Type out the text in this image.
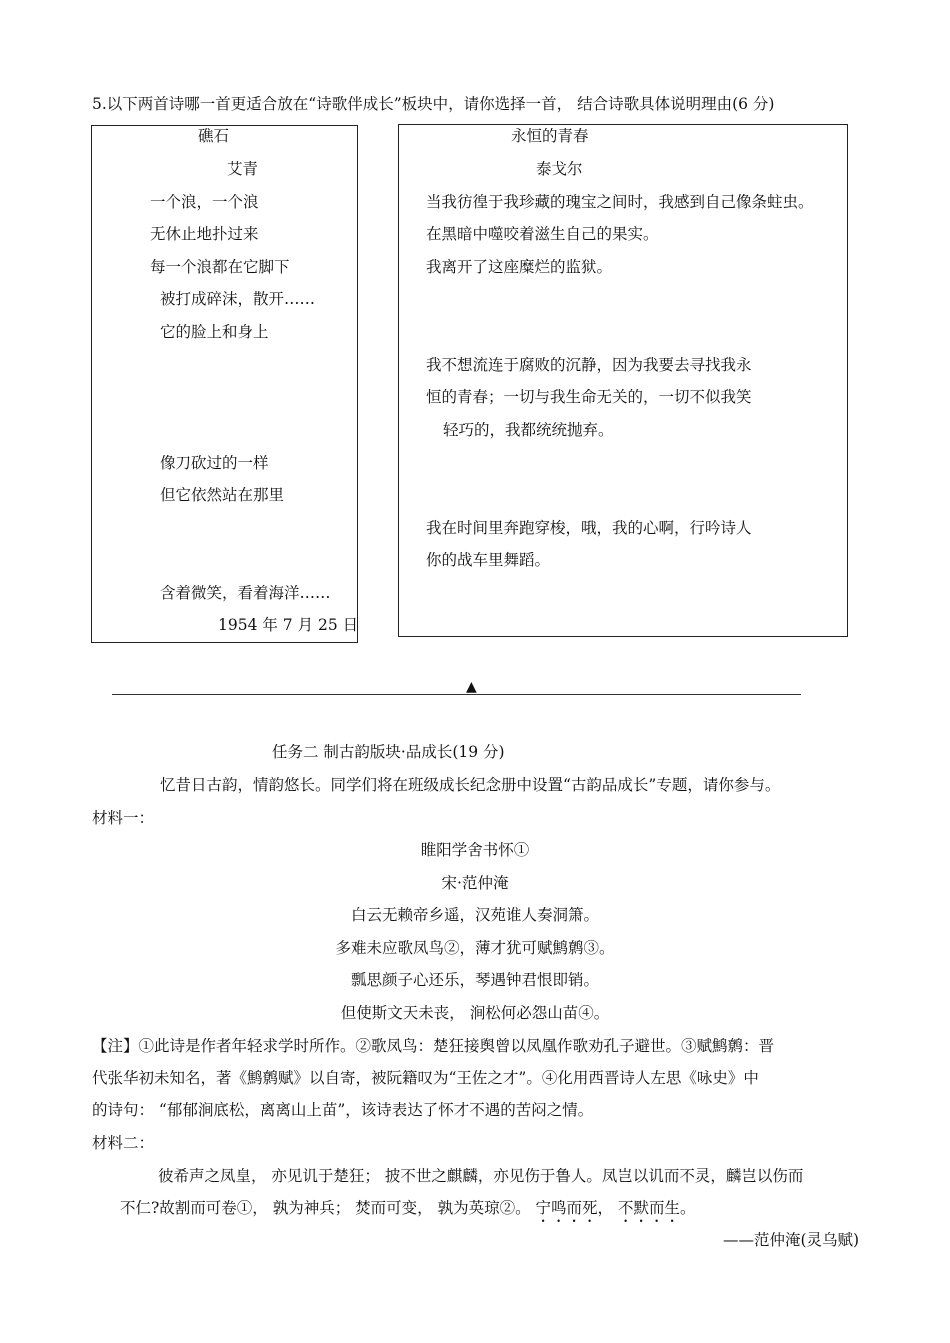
5.以下两首诗哪一首更适合放在“诗歌伴成长”板块中，请你选择一首， 结合诗歌具体说明理由(6 分)
礁石
艾青
一个浪，一个浪
无休止地扑过来
每一个浪都在它脚下
被打成碎沫，散开……
它的脸上和身上
像刀砍过的一样
但它依然站在那里
含着微笑，看着海洋……
1954 年 7 月 25 日
永恒的青春
泰戈尔
当我彷徨于我珍藏的瑰宝之间时，我感到自己像条蛀虫。
在黑暗中噬咬着滋生自己的果实。
我离开了这座糜烂的监狱。
我不想流连于腐败的沉静，因为我要去寻找我永
恒的青春；一切与我生命无关的，一切不似我笑
轻巧的，我都统统抛弃。
我在时间里奔跑穿梭，哦，我的心啊，行吟诗人
你的战车里舞蹈。
▲
任务二 制古韵版块·品成长(19 分)
忆昔日古韵，情韵悠长。同学们将在班级成长纪念册中设置“古韵品成长”专题，请你参与。
材料一：
睢阳学舍书怀①
宋·范仲淹
白云无赖帝乡遥，汉苑谁人奏洞箫。
多难未应歌凤鸟②，薄才犹可赋鹪鹩③。
瓢思颜子心还乐，琴遇钟君恨即销。
但使斯文天未丧， 涧松何必怨山苗④。
【注】①此诗是作者年轻求学时所作。②歌凤鸟：楚狂接舆曾以凤凰作歌劝孔子避世。③赋鹪鹩：晋
代张华初未知名，著《鹪鹩赋》以自寄，被阮籍叹为“王佐之才”。④化用西晋诗人左思《咏史》中
的诗句： “郁郁涧底松，离离山上苗”，该诗表达了怀才不遇的苦闷之情。
材料二：
彼希声之凤皇， 亦见讥于楚狂； 披不世之麒麟，亦见伤于鲁人。凤岂以讥而不灵，麟岂以伤而
不仁?故割而可卷①， 孰为神兵； 焚而可变， 孰为英琼②。 宁鸣而死， 不默而生。
——范仲淹(灵乌赋)
